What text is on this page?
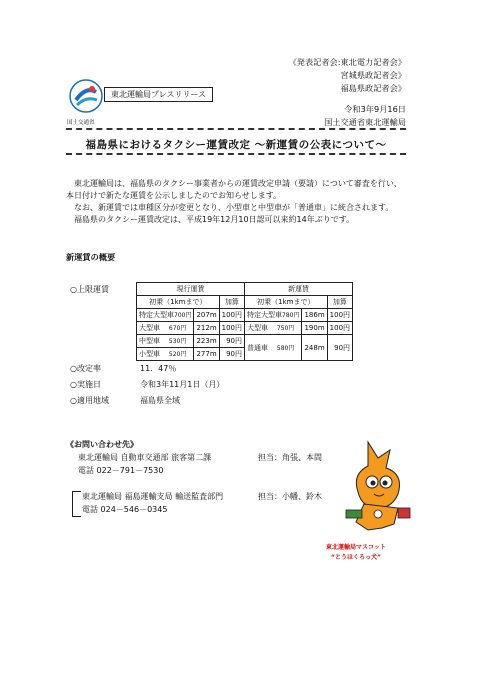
《発表記者会:東北電力記者会》
宮城県政記者会》
福島県政記者会》
国土交通省
東北運輸局プレスリリース
令和3年9月16日
国土交通省東北運輸局
福島県におけるタクシー運賃改定 ～新運賃の公表について～

東北運輸局は、福島県のタクシー事業者からの運賃改定申請（要請）について審査を行い、本日付けで新たな運賃を公示しましたのでお知らせします。

なお、新運賃では車種区分が変更となり、小型車と中型車が「普通車」に統合されます。

福島県のタクシー運賃改定は、平成19年12月10日認可以来約14年ぶりです。

新運賃の概要
○上限運賃	現行運賃			新運賃		
初乗（1kmまで）		加算	初乗（1kmまで）		加算
特定大型車700円	207m	100円	特定大型車780円	186m	100円
大型車 670円	212m	100円	大型車 750円	190m	100円
中型車 530円	223m	90円	普通車 580円	248m	90円
小型車 520円	277m	90円			
○改定率	11．47％
○実施日	令和3年11月1日（月）
○適用地域	福島県全域
《お問い合わせ先》
東北運輸局 自動車交通部 旅客第二課	担当：角張、本間
電話 022－791－7530
東北運輸局 福島運輸支局 輸送監査部門	担当：小幡、鈴木
電話 024－546－0345
東北運輸局マスコット
“とうほくろっ犬”
